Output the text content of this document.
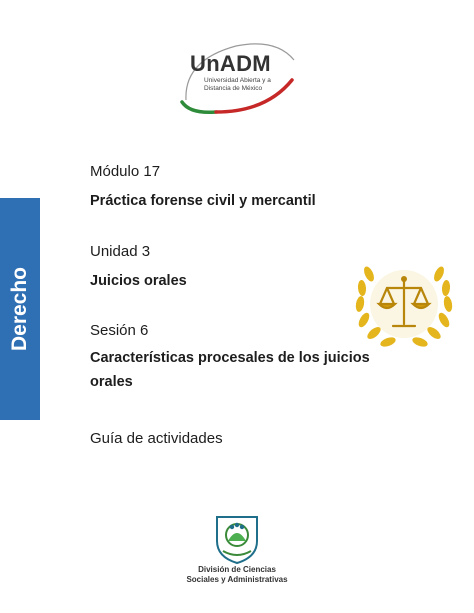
UnADM
Universidad Abierta y a
Distancia de México
Derecho
Módulo 17
Práctica forense civil y mercantil
Unidad 3
Juicios orales
Sesión 6
Características procesales de los juicios orales
Guía de actividades
División de Ciencias
Sociales y Administrativas
